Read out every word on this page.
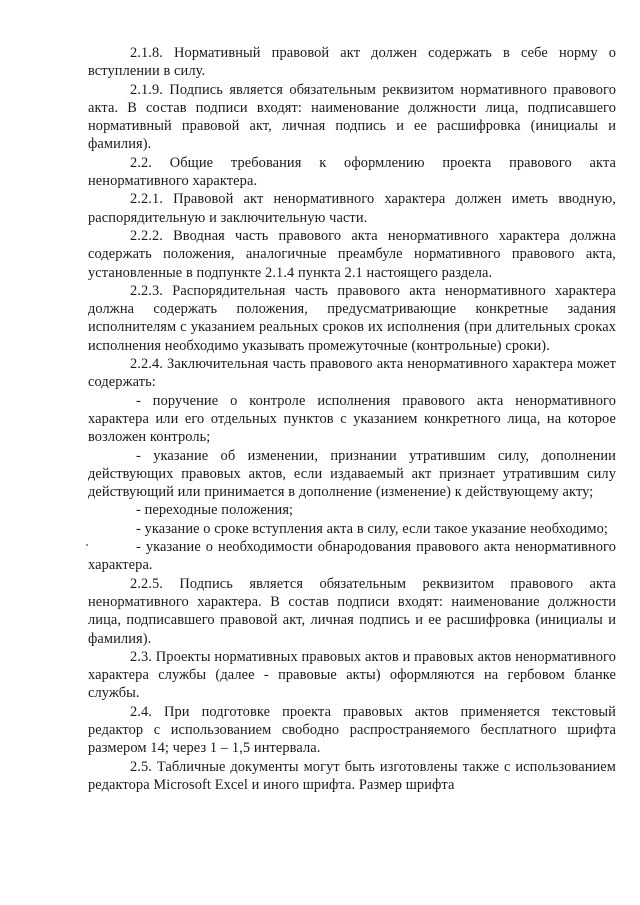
2.1.8. Нормативный правовой акт должен содержать в себе норму о вступлении в силу.

2.1.9. Подпись является обязательным реквизитом нормативного правового акта. В состав подписи входят: наименование должности лица, подписавшего нормативный правовой акт, личная подпись и ее расшифровка (инициалы и фамилия).

2.2. Общие требования к оформлению проекта правового акта ненормативного характера.

2.2.1. Правовой акт ненормативного характера должен иметь вводную, распорядительную и заключительную части.

2.2.2. Вводная часть правового акта ненормативного характера должна содержать положения, аналогичные преамбуле нормативного правового акта, установленные в подпункте 2.1.4 пункта 2.1 настоящего раздела.

2.2.3. Распорядительная часть правового акта ненормативного характера должна содержать положения, предусматривающие конкретные задания исполнителям с указанием реальных сроков их исполнения (при длительных сроках исполнения необходимо указывать промежуточные (контрольные) сроки).

2.2.4. Заключительная часть правового акта ненормативного характера может содержать:

- поручение о контроле исполнения правового акта ненормативного характера или его отдельных пунктов с указанием конкретного лица, на которое возложен контроль;

- указание об изменении, признании утратившим силу, дополнении действующих правовых актов, если издаваемый акт признает утратившим силу действующий или принимается в дополнение (изменение) к действующему акту;

- переходные положения;

- указание о сроке вступления акта в силу, если такое указание необходимо;

- указание о необходимости обнародования правового акта ненормативного характера.

2.2.5. Подпись является обязательным реквизитом правового акта ненормативного характера. В состав подписи входят: наименование должности лица, подписавшего правовой акт, личная подпись и ее расшифровка (инициалы и фамилия).

2.3. Проекты нормативных правовых актов и правовых актов ненормативного характера службы (далее - правовые акты) оформляются на гербовом бланке службы.

2.4. При подготовке проекта правовых актов применяется текстовый редактор с использованием свободно распространяемого бесплатного шрифта размером 14; через 1 – 1,5 интервала.

2.5. Табличные документы могут быть изготовлены также с использованием редактора Microsoft Excel и иного шрифта. Размер шрифта
